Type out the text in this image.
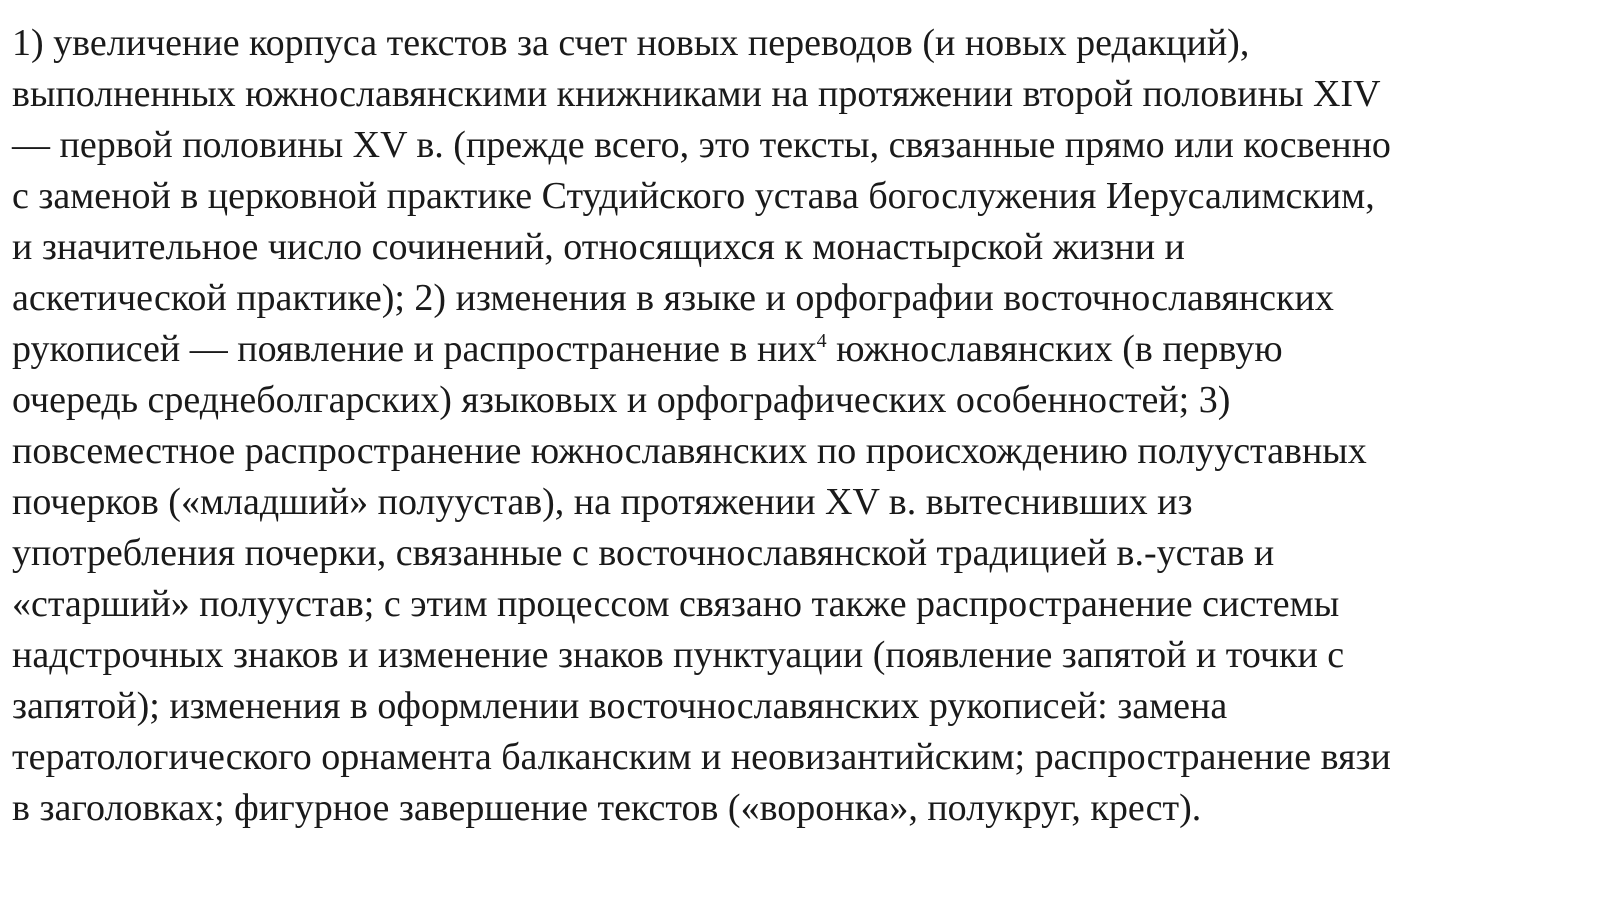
1) увеличение корпуса текстов за счет новых переводов (и новых редакций),
выполненных южнославянскими книжниками на протяжении второй половины XIV
— первой половины XV в. (прежде всего, это тексты, связанные прямо или косвенно
с заменой в церковной практике Студийского устава богослужения Иерусалимским,
и значительное число сочинений, относящихся к монастырской жизни и
аскетической практике); 2) изменения в языке и орфографии восточнославянских
рукописей — появление и распространение в них$^4$ южнославянских (в первую
очередь среднеболгарских) языковых и орфографических особенностей; 3)
повсеместное распространение южнославянских по происхождению полууставных
почерков («младший» полуустав), на протяжении XV в. вытеснивших из
употребления почерки, связанные с восточнославянской традицией в.-устав и
«старший» полуустав; с этим процессом связано также распространение системы
надстрочных знаков и изменение знаков пунктуации (появление запятой и точки с
запятой); изменения в оформлении восточнославянских рукописей: замена
тератологического орнамента балканским и неовизантийским; распространение вязи
в заголовках; фигурное завершение текстов («воронка», полукруг, крест).
